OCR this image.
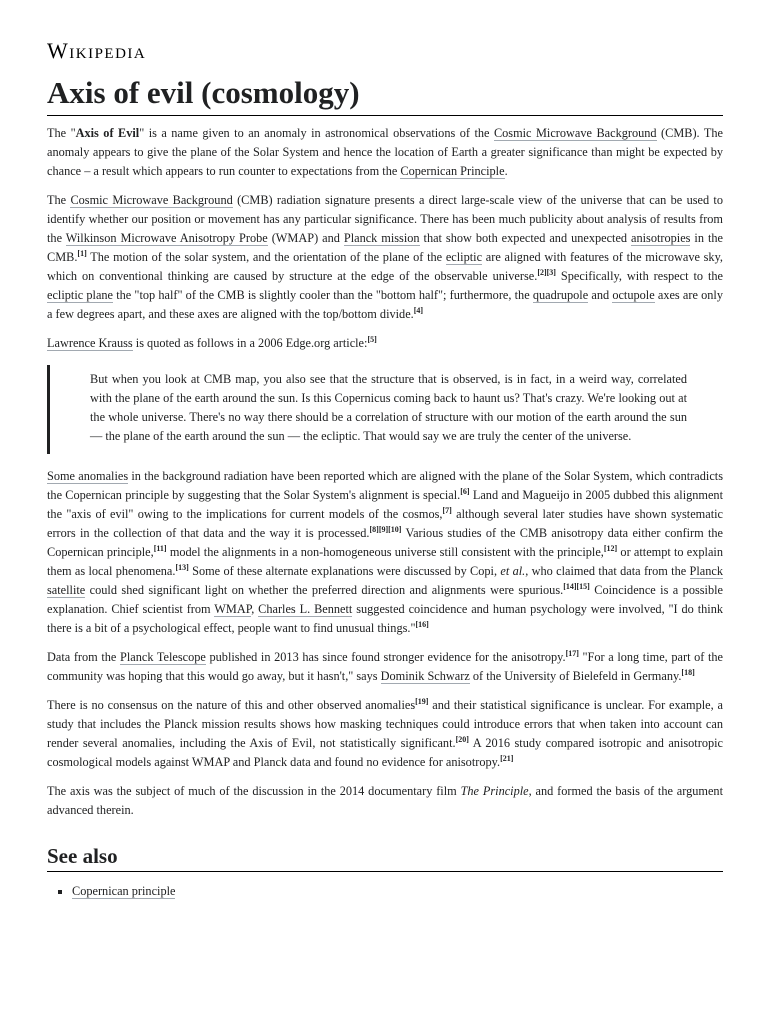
Wikipedia
Axis of evil (cosmology)

The "Axis of Evil" is a name given to an anomaly in astronomical observations of the Cosmic Microwave Background (CMB). The anomaly appears to give the plane of the Solar System and hence the location of Earth a greater significance than might be expected by chance – a result which appears to run counter to expectations from the Copernican Principle.

The Cosmic Microwave Background (CMB) radiation signature presents a direct large-scale view of the universe that can be used to identify whether our position or movement has any particular significance. There has been much publicity about analysis of results from the Wilkinson Microwave Anisotropy Probe (WMAP) and Planck mission that show both expected and unexpected anisotropies in the CMB.[1] The motion of the solar system, and the orientation of the plane of the ecliptic are aligned with features of the microwave sky, which on conventional thinking are caused by structure at the edge of the observable universe.[2][3] Specifically, with respect to the ecliptic plane the "top half" of the CMB is slightly cooler than the "bottom half"; furthermore, the quadrupole and octupole axes are only a few degrees apart, and these axes are aligned with the top/bottom divide.[4]

Lawrence Krauss is quoted as follows in a 2006 Edge.org article:[5]

But when you look at CMB map, you also see that the structure that is observed, is in fact, in a weird way, correlated with the plane of the earth around the sun. Is this Copernicus coming back to haunt us? That's crazy. We're looking out at the whole universe. There's no way there should be a correlation of structure with our motion of the earth around the sun — the plane of the earth around the sun — the ecliptic. That would say we are truly the center of the universe.

Some anomalies in the background radiation have been reported which are aligned with the plane of the Solar System, which contradicts the Copernican principle by suggesting that the Solar System's alignment is special.[6] Land and Magueijo in 2005 dubbed this alignment the "axis of evil" owing to the implications for current models of the cosmos,[7] although several later studies have shown systematic errors in the collection of that data and the way it is processed.[8][9][10] Various studies of the CMB anisotropy data either confirm the Copernican principle,[11] model the alignments in a non-homogeneous universe still consistent with the principle,[12] or attempt to explain them as local phenomena.[13] Some of these alternate explanations were discussed by Copi, et al., who claimed that data from the Planck satellite could shed significant light on whether the preferred direction and alignments were spurious.[14][15] Coincidence is a possible explanation. Chief scientist from WMAP, Charles L. Bennett suggested coincidence and human psychology were involved, "I do think there is a bit of a psychological effect, people want to find unusual things."[16]

Data from the Planck Telescope published in 2013 has since found stronger evidence for the anisotropy.[17] "For a long time, part of the community was hoping that this would go away, but it hasn't," says Dominik Schwarz of the University of Bielefeld in Germany.[18]

There is no consensus on the nature of this and other observed anomalies[19] and their statistical significance is unclear. For example, a study that includes the Planck mission results shows how masking techniques could introduce errors that when taken into account can render several anomalies, including the Axis of Evil, not statistically significant.[20] A 2016 study compared isotropic and anisotropic cosmological models against WMAP and Planck data and found no evidence for anisotropy.[21]

The axis was the subject of much of the discussion in the 2014 documentary film The Principle, and formed the basis of the argument advanced therein.

See also
▪ Copernican principle
